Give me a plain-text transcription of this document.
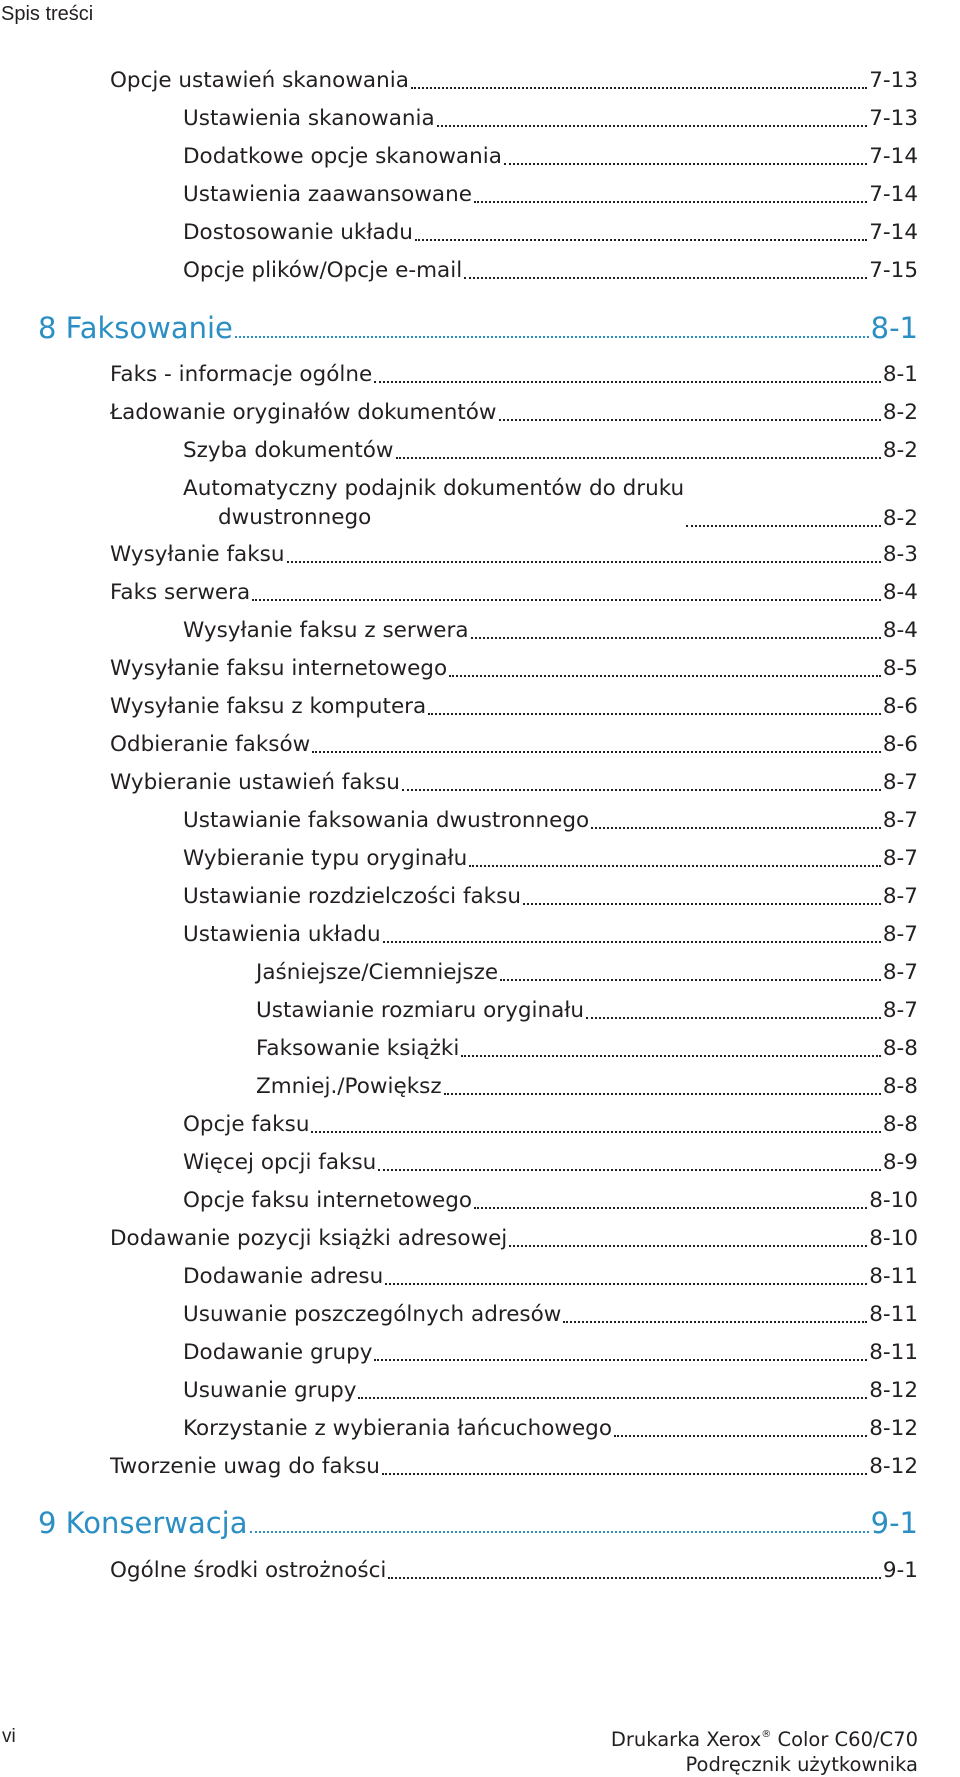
Spis treści
Opcje ustawień skanowania	7-13
Ustawienia skanowania	7-13
Dodatkowe opcje skanowania	7-14
Ustawienia zaawansowane	7-14
Dostosowanie układu	7-14
Opcje plików/Opcje e-mail	7-15
8 Faksowanie	8-1
Faks - informacje ogólne	8-1
Ładowanie oryginałów dokumentów	8-2
Szyba dokumentów	8-2
Automatyczny podajnik dokumentów do druku
dwustronnego	8-2
Wysyłanie faksu	8-3
Faks serwera	8-4
Wysyłanie faksu z serwera	8-4
Wysyłanie faksu internetowego	8-5
Wysyłanie faksu z komputera	8-6
Odbieranie faksów	8-6
Wybieranie ustawień faksu	8-7
Ustawianie faksowania dwustronnego	8-7
Wybieranie typu oryginału	8-7
Ustawianie rozdzielczości faksu	8-7
Ustawienia układu	8-7
Jaśniejsze/Ciemniejsze	8-7
Ustawianie rozmiaru oryginału	8-7
Faksowanie książki	8-8
Zmniej./Powiększ	8-8
Opcje faksu	8-8
Więcej opcji faksu	8-9
Opcje faksu internetowego	8-10
Dodawanie pozycji książki adresowej	8-10
Dodawanie adresu	8-11
Usuwanie poszczególnych adresów	8-11
Dodawanie grupy	8-11
Usuwanie grupy	8-12
Korzystanie z wybierania łańcuchowego	8-12
Tworzenie uwag do faksu	8-12
9 Konserwacja	9-1
Ogólne środki ostrożności	9-1
vi	Drukarka Xerox® Color C60/C70
Podręcznik użytkownika
